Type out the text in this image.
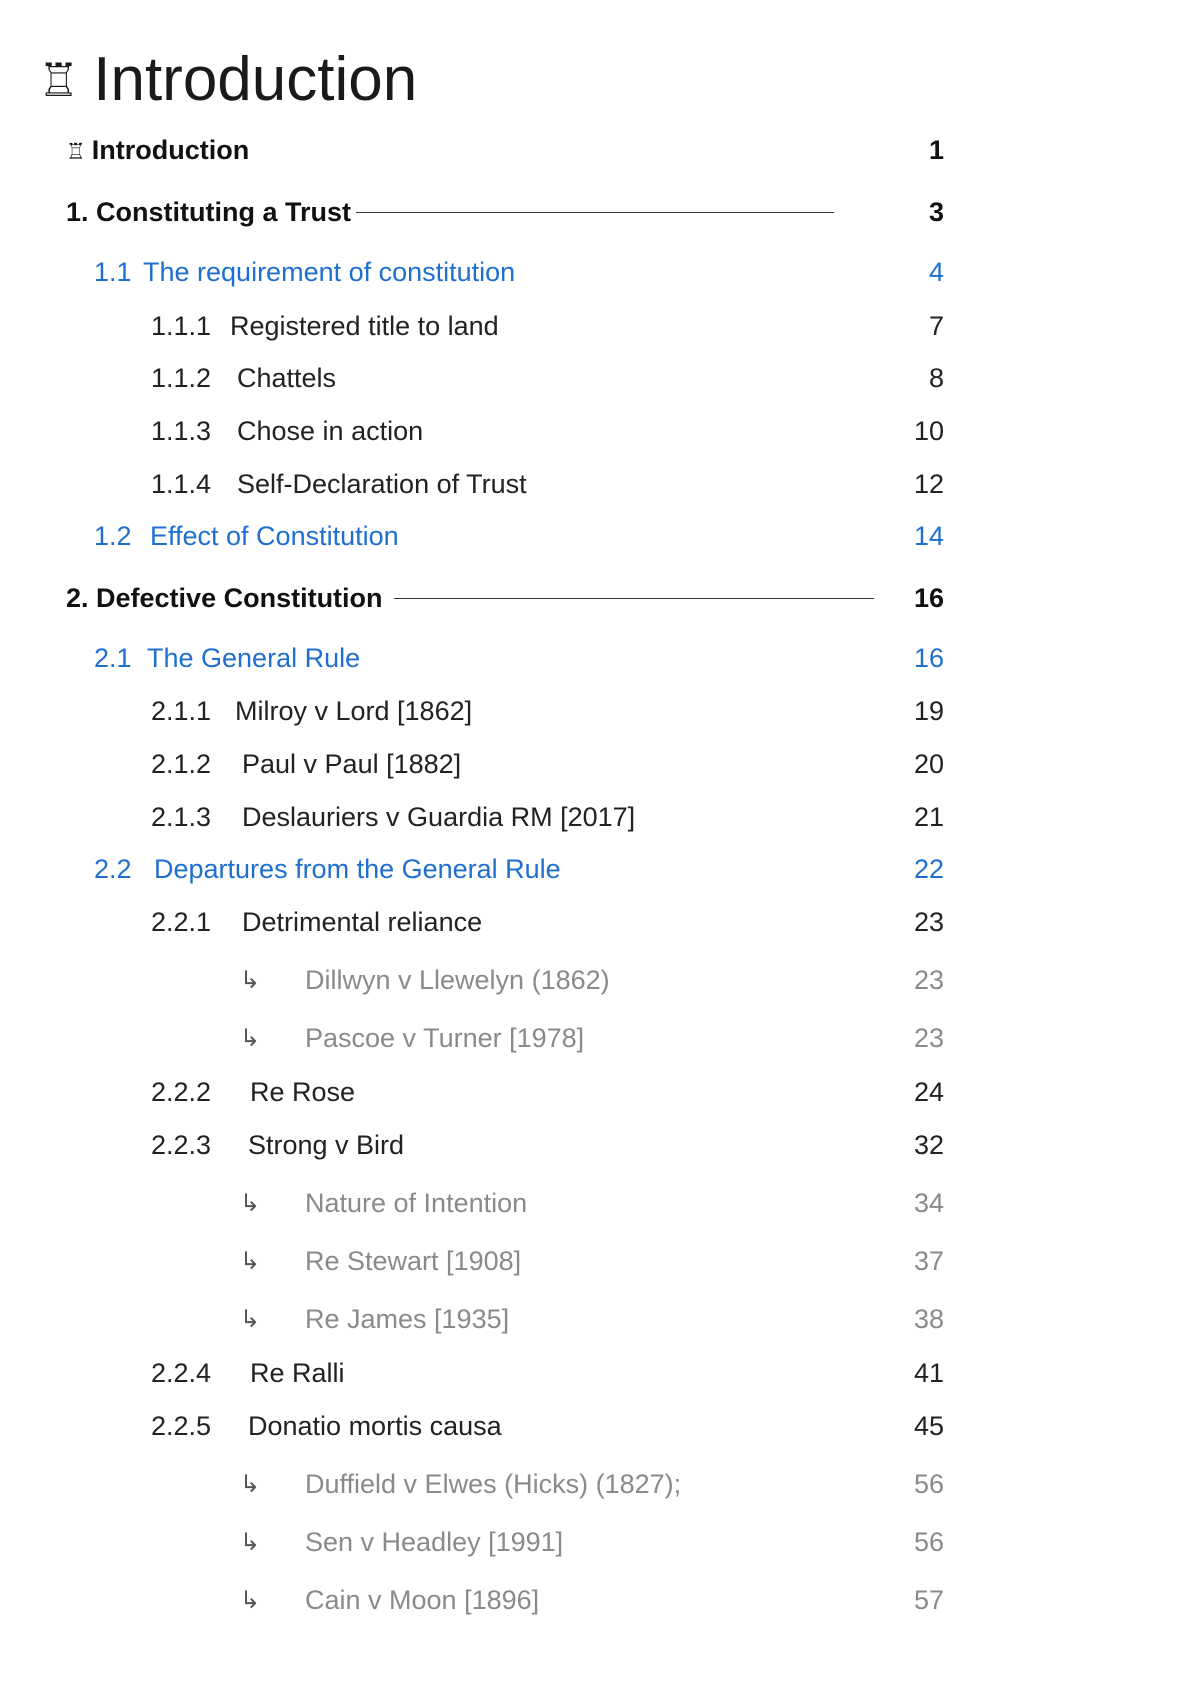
♖ Introduction
♖ Introduction	1
1. Constituting a Trust	3
1.1 The requirement of constitution	4
1.1.1 Registered title to land	7
1.1.2 Chattels	8
1.1.3 Chose in action	10
1.1.4 Self-Declaration of Trust	12
1.2 Effect of Constitution	14
2. Defective Constitution	16
2.1 The General Rule	16
2.1.1 Milroy v Lord [1862]	19
2.1.2 Paul v Paul [1882]	20
2.1.3 Deslauriers v Guardia RM [2017]	21
2.2 Departures from the General Rule	22
2.2.1 Detrimental reliance	23
↳ Dillwyn v Llewelyn (1862)	23
↳ Pascoe v Turner [1978]	23
2.2.2 Re Rose	24
2.2.3 Strong v Bird	32
↳ Nature of Intention	34
↳ Re Stewart [1908]	37
↳ Re James [1935]	38
2.2.4 Re Ralli	41
2.2.5 Donatio mortis causa	45
↳ Duffield v Elwes (Hicks) (1827);	56
↳ Sen v Headley [1991]	56
↳ Cain v Moon [1896]	57
